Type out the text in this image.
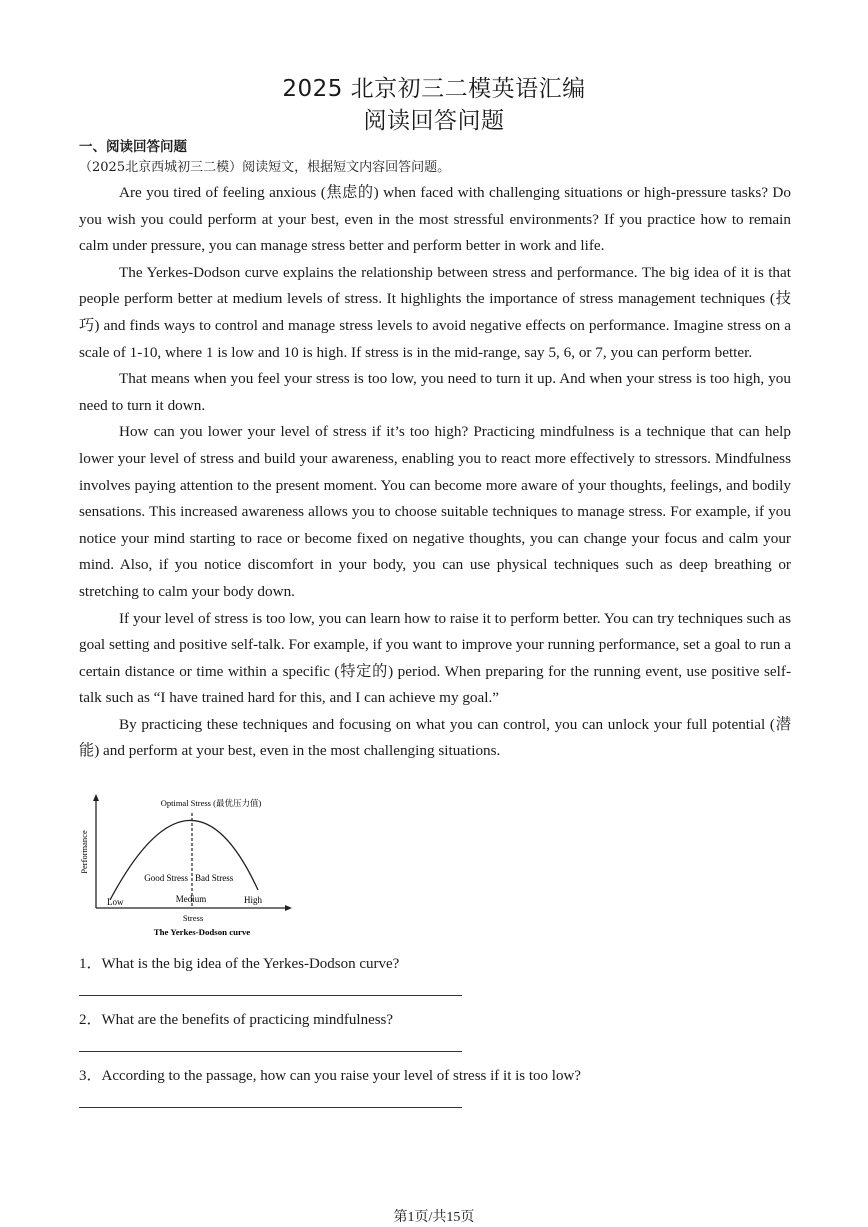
2025 北京初三二模英语汇编
阅读回答问题
一、阅读回答问题
（2025北京西城初三二模）阅读短文，根据短文内容回答问题。

Are you tired of feeling anxious (焦虑的) when faced with challenging situations or high-pressure tasks? Do you wish you could perform at your best, even in the most stressful environments? If you practice how to remain calm under pressure, you can manage stress better and perform better in work and life.

The Yerkes-Dodson curve explains the relationship between stress and performance. The big idea of it is that people perform better at medium levels of stress. It highlights the importance of stress management techniques (技巧) and finds ways to control and manage stress levels to avoid negative effects on performance. Imagine stress on a scale of 1-10, where 1 is low and 10 is high. If stress is in the mid-range, say 5, 6, or 7, you can perform better.

That means when you feel your stress is too low, you need to turn it up. And when your stress is too high, you need to turn it down.

How can you lower your level of stress if it’s too high? Practicing mindfulness is a technique that can help lower your level of stress and build your awareness, enabling you to react more effectively to stressors. Mindfulness involves paying attention to the present moment. You can become more aware of your thoughts, feelings, and bodily sensations. This increased awareness allows you to choose suitable techniques to manage stress. For example, if you notice your mind starting to race or become fixed on negative thoughts, you can change your focus and calm your mind. Also, if you notice discomfort in your body, you can use physical techniques such as deep breathing or stretching to calm your body down.

If your level of stress is too low, you can learn how to raise it to perform better. You can try techniques such as goal setting and positive self-talk. For example, if you want to improve your running performance, set a goal to run a certain distance or time within a specific (特定的) period. When preparing for the running event, use positive self-talk such as “I have trained hard for this, and I can achieve my goal.”

By practicing these techniques and focusing on what you can control, you can unlock your full potential (潜能) and perform at your best, even in the most challenging situations.

Optimal Stress (最优压力值)
Performance
Good Stress Bad Stress
Low	Medium	High
Stress
The Yerkes-Dodson curve
1．What is the big idea of the Yerkes-Dodson curve?
2．What are the benefits of practicing mindfulness?
3．According to the passage, how can you raise your level of stress if it is too low?
第1页/共15页
